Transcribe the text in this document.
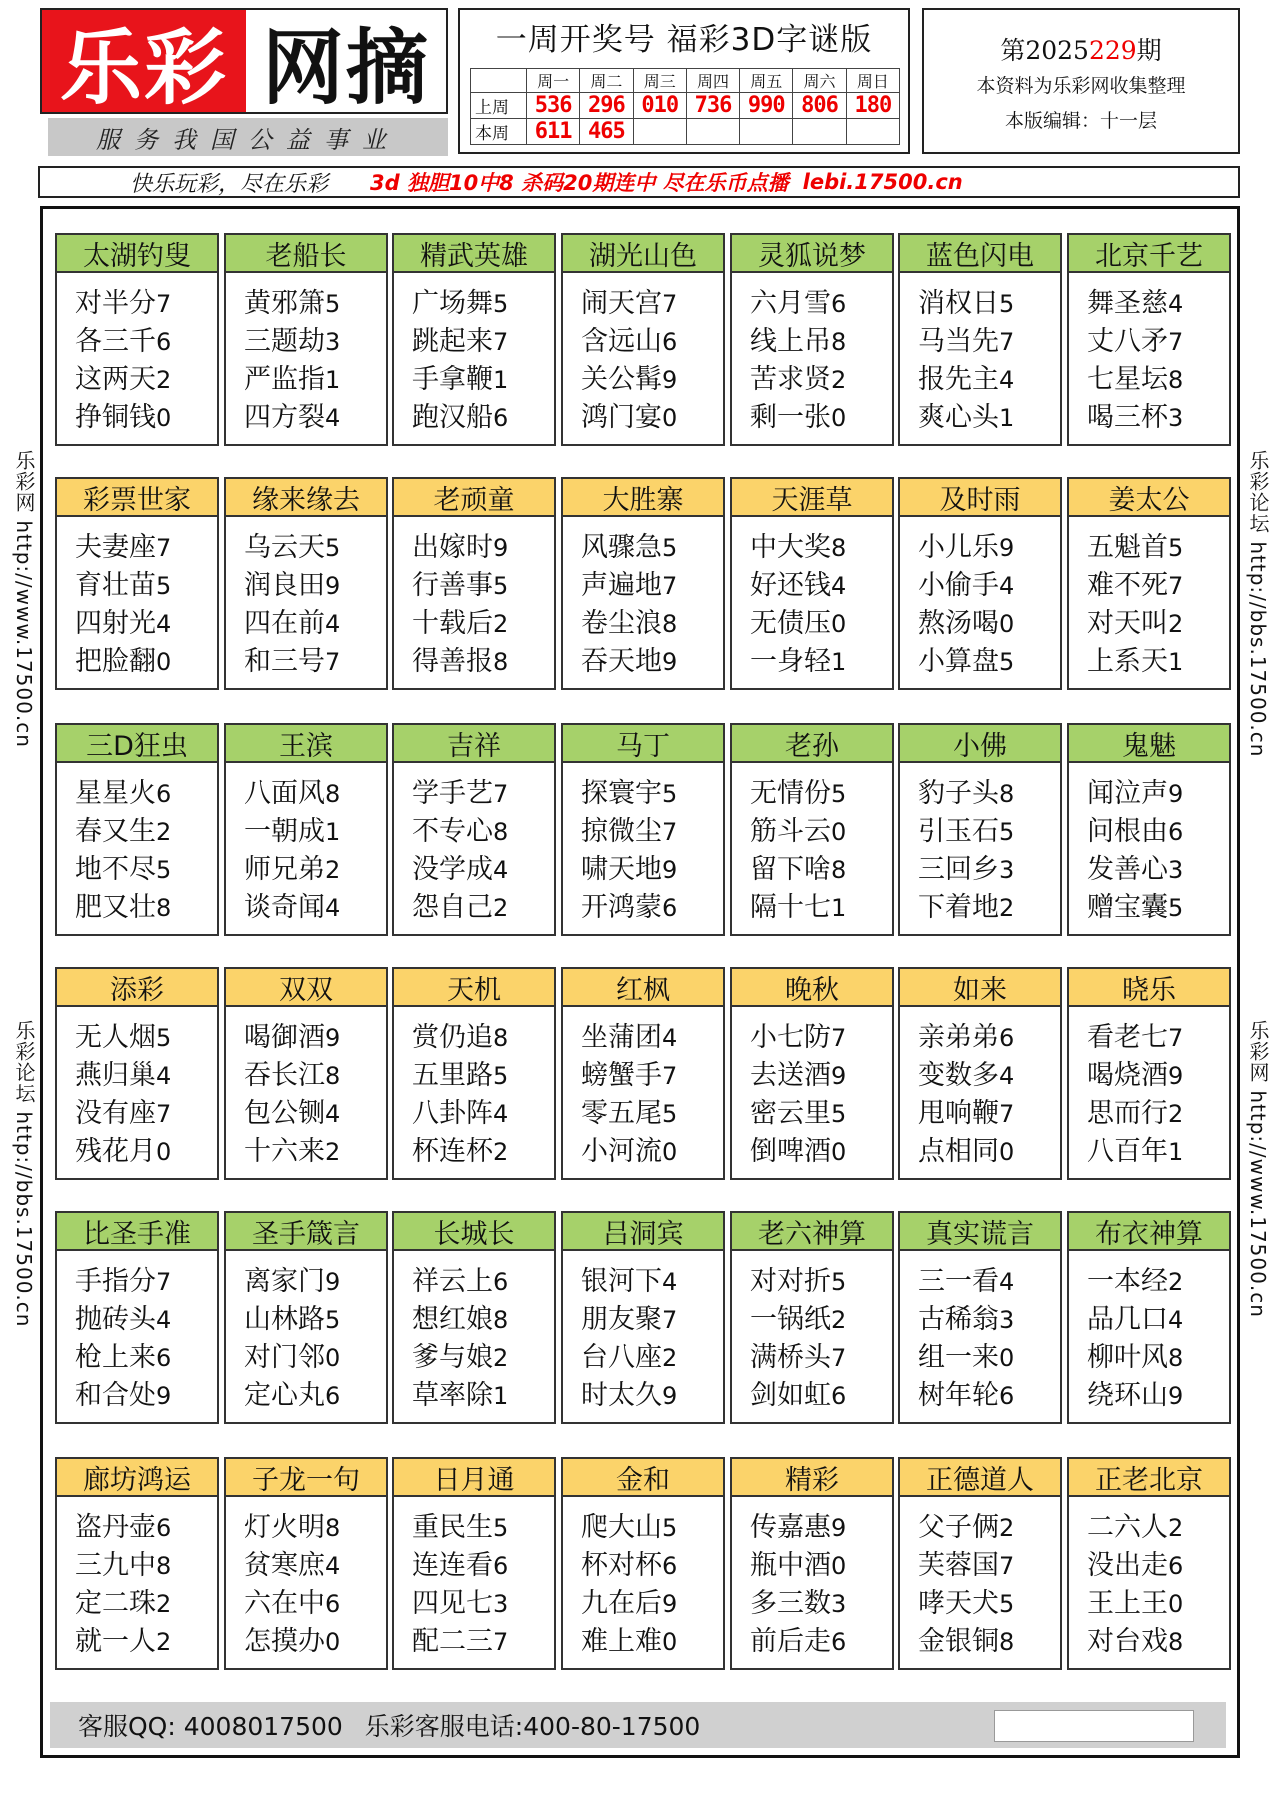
乐彩 网摘
服务我国公益事业
一周开奖号 福彩3D字谜版
	周一	周二	周三	周四	周五	周六	周日
上周	536	296	010	736	990	806	180
本周	611	465					
第2025229期
本资料为乐彩网收集整理
本版编辑：十一层
快乐玩彩，尽在乐彩	3d 独胆10中8 杀码20期连中 尽在乐币点播 lebi.17500.cn
乐彩网 http://www.17500.cn
乐彩论坛 http://bbs.17500.cn
乐彩论坛 http://bbs.17500.cn
乐彩网 http://www.17500.cn
太湖钓叟
对半分7
各三千6
这两天2
挣铜钱0
老船长
黄邪箫5
三题劫3
严监指1
四方裂4
精武英雄
广场舞5
跳起来7
手拿鞭1
跑汉船6
湖光山色
闹天宫7
含远山6
关公髯9
鸿门宴0
灵狐说梦
六月雪6
线上吊8
苦求贤2
剩一张0
蓝色闪电
消权日5
马当先7
报先主4
爽心头1
北京千艺
舞圣慈4
丈八矛7
七星坛8
喝三杯3
彩票世家
夫妻座7
育壮苗5
四射光4
把脸翻0
缘来缘去
乌云天5
润良田9
四在前4
和三号7
老顽童
出嫁时9
行善事5
十载后2
得善报8
大胜寨
风骤急5
声遍地7
卷尘浪8
吞天地9
天涯草
中大奖8
好还钱4
无债压0
一身轻1
及时雨
小儿乐9
小偷手4
熬汤喝0
小算盘5
姜太公
五魁首5
难不死7
对天叫2
上系天1
三D狂虫
星星火6
春又生2
地不尽5
肥又壮8
王滨
八面风8
一朝成1
师兄弟2
谈奇闻4
吉祥
学手艺7
不专心8
没学成4
怨自己2
马丁
探寰宇5
掠微尘7
啸天地9
开鸿蒙6
老孙
无情份5
筋斗云0
留下啥8
隔十七1
小佛
豹子头8
引玉石5
三回乡3
下着地2
鬼魅
闻泣声9
问根由6
发善心3
赠宝囊5
添彩
无人烟5
燕归巢4
没有座7
残花月0
双双
喝御酒9
吞长江8
包公铡4
十六来2
天机
赏仍追8
五里路5
八卦阵4
杯连杯2
红枫
坐蒲团4
螃蟹手7
零五尾5
小河流0
晚秋
小七防7
去送酒9
密云里5
倒啤酒0
如来
亲弟弟6
变数多4
甩响鞭7
点相同0
晓乐
看老七7
喝烧酒9
思而行2
八百年1
比圣手准
手指分7
抛砖头4
枪上来6
和合处9
圣手箴言
离家门9
山林路5
对门邻0
定心丸6
长城长
祥云上6
想红娘8
爹与娘2
草率除1
吕洞宾
银河下4
朋友聚7
台八座2
时太久9
老六神算
对对折5
一锅纸2
满桥头7
剑如虹6
真实谎言
三一看4
古稀翁3
组一来0
树年轮6
布衣神算
一本经2
品几口4
柳叶风8
绕环山9
廊坊鸿运
盗丹壶6
三九中8
定二珠2
就一人2
子龙一句
灯火明8
贫寒庶4
六在中6
怎摸办0
日月通
重民生5
连连看6
四见七3
配二三7
金和
爬大山5
杯对杯6
九在后9
难上难0
精彩
传嘉惠9
瓶中酒0
多三数3
前后走6
正德道人
父子俩2
芙蓉国7
哮天犬5
金银铜8
正老北京
二六人2
没出走6
王上王0
对台戏8
客服QQ: 4008017500 乐彩客服电话:400-80-17500
